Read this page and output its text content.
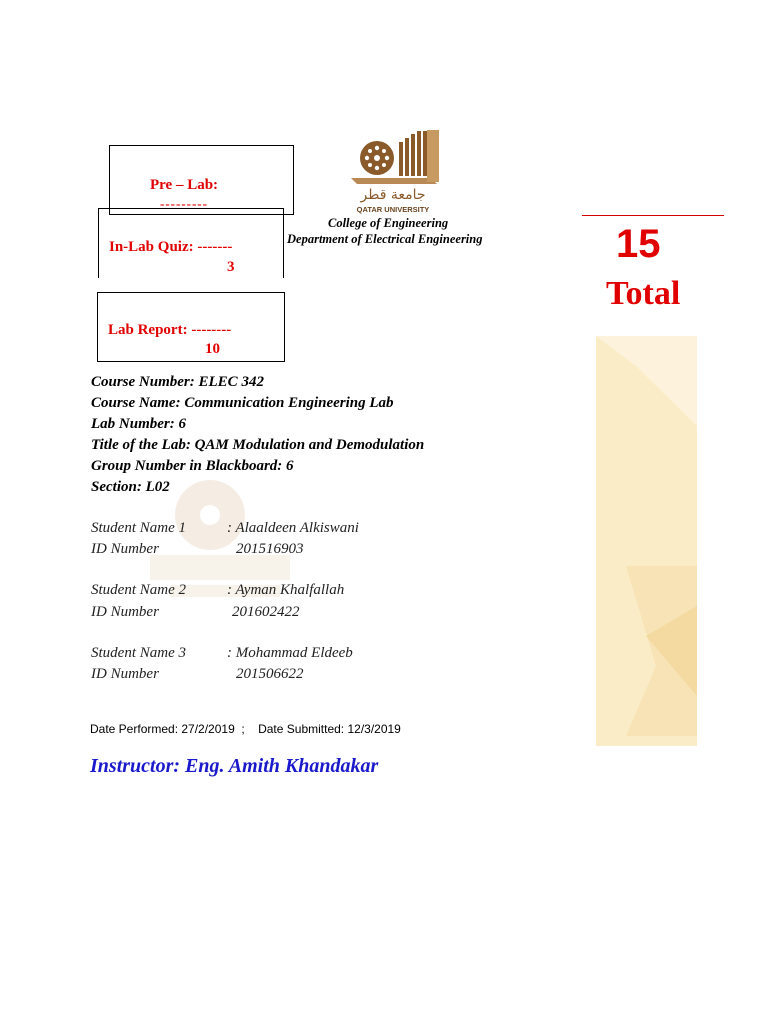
Pre – Lab:
---------
In-Lab Quiz: -------
3
Lab Report: --------
10
جامعة قطر
QATAR UNIVERSITY
College of Engineering
Department of Electrical Engineering	15
Total
Course Number: ELEC 342
Course Name: Communication Engineering Lab
Lab Number: 6
Title of the Lab: QAM Modulation and Demodulation
Group Number in Blackboard: 6
Section: L02
Student Name 1	: Alaaldeen Alkiswani
ID Number	201516903
Student Name 2	: Ayman Khalfallah
ID Number	201602422
Student Name 3	: Mohammad Eldeeb
ID Number	201506622
Date Performed: 27/2/2019  ;    Date Submitted: 12/3/2019
Instructor: Eng. Amith Khandakar
